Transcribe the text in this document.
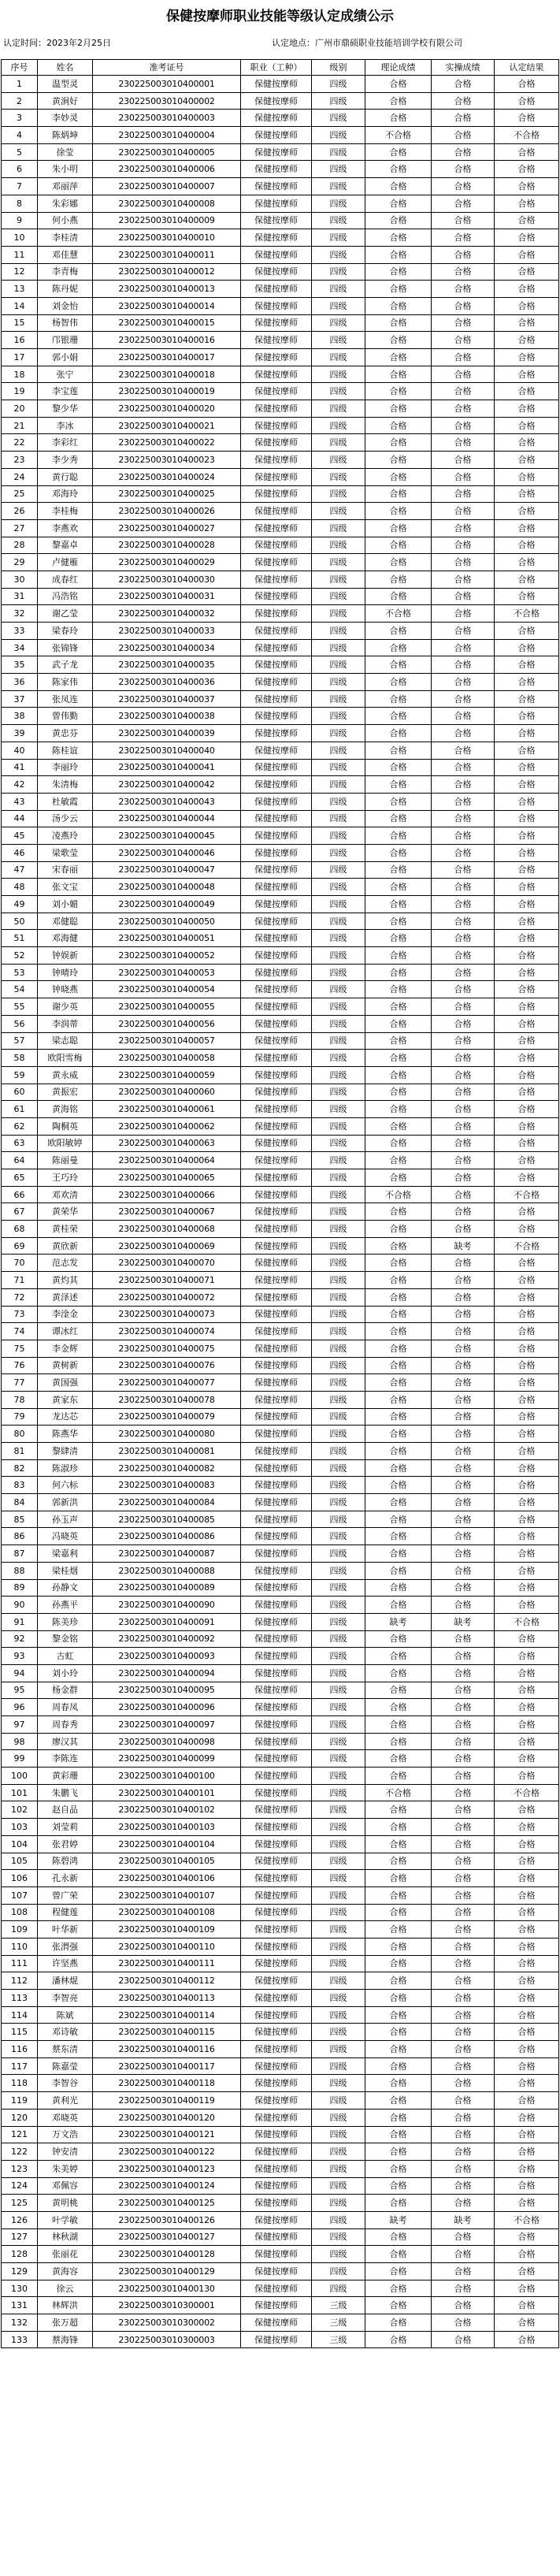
保健按摩师职业技能等级认定成绩公示
认定时间：2023年2月25日	认定地点：广州市鼎硕职业技能培训学校有限公司
序号	姓名	准考证号	职业（工种）	级别	理论成绩	实操成绩	认定结果
1	温型灵	230225003010400001	保健按摩师	四级	合格	合格	合格
2	黄涧好	230225003010400002	保健按摩师	四级	合格	合格	合格
3	李妙灵	230225003010400003	保健按摩师	四级	合格	合格	合格
4	陈炳坤	230225003010400004	保健按摩师	四级	不合格	合格	不合格
5	徐莹	230225003010400005	保健按摩师	四级	合格	合格	合格
6	朱小明	230225003010400006	保健按摩师	四级	合格	合格	合格
7	邓丽萍	230225003010400007	保健按摩师	四级	合格	合格	合格
8	朱彩娜	230225003010400008	保健按摩师	四级	合格	合格	合格
9	何小燕	230225003010400009	保健按摩师	四级	合格	合格	合格
10	李桂清	230225003010400010	保健按摩师	四级	合格	合格	合格
11	邓佳慧	230225003010400011	保健按摩师	四级	合格	合格	合格
12	李青梅	230225003010400012	保健按摩师	四级	合格	合格	合格
13	陈丹妮	230225003010400013	保健按摩师	四级	合格	合格	合格
14	刘金怡	230225003010400014	保健按摩师	四级	合格	合格	合格
15	杨智伟	230225003010400015	保健按摩师	四级	合格	合格	合格
16	邝银珊	230225003010400016	保健按摩师	四级	合格	合格	合格
17	郭小娟	230225003010400017	保健按摩师	四级	合格	合格	合格
18	张宁	230225003010400018	保健按摩师	四级	合格	合格	合格
19	李宝莲	230225003010400019	保健按摩师	四级	合格	合格	合格
20	黎少华	230225003010400020	保健按摩师	四级	合格	合格	合格
21	李冰	230225003010400021	保健按摩师	四级	合格	合格	合格
22	李彩红	230225003010400022	保健按摩师	四级	合格	合格	合格
23	李少秀	230225003010400023	保健按摩师	四级	合格	合格	合格
24	黄行聪	230225003010400024	保健按摩师	四级	合格	合格	合格
25	邓海玲	230225003010400025	保健按摩师	四级	合格	合格	合格
26	李桂梅	230225003010400026	保健按摩师	四级	合格	合格	合格
27	李燕欢	230225003010400027	保健按摩师	四级	合格	合格	合格
28	黎嘉卓	230225003010400028	保健按摩师	四级	合格	合格	合格
29	卢健雁	230225003010400029	保健按摩师	四级	合格	合格	合格
30	成春红	230225003010400030	保健按摩师	四级	合格	合格	合格
31	冯浩铭	230225003010400031	保健按摩师	四级	合格	合格	合格
32	谢乙莹	230225003010400032	保健按摩师	四级	不合格	合格	不合格
33	梁春玲	230225003010400033	保健按摩师	四级	合格	合格	合格
34	张锦锋	230225003010400034	保健按摩师	四级	合格	合格	合格
35	武子龙	230225003010400035	保健按摩师	四级	合格	合格	合格
36	陈家伟	230225003010400036	保健按摩师	四级	合格	合格	合格
37	张凤连	230225003010400037	保健按摩师	四级	合格	合格	合格
38	曾伟勤	230225003010400038	保健按摩师	四级	合格	合格	合格
39	黄忠芬	230225003010400039	保健按摩师	四级	合格	合格	合格
40	陈桂谊	230225003010400040	保健按摩师	四级	合格	合格	合格
41	李丽玲	230225003010400041	保健按摩师	四级	合格	合格	合格
42	朱清梅	230225003010400042	保健按摩师	四级	合格	合格	合格
43	杜敏霞	230225003010400043	保健按摩师	四级	合格	合格	合格
44	汤少云	230225003010400044	保健按摩师	四级	合格	合格	合格
45	凌燕玲	230225003010400045	保健按摩师	四级	合格	合格	合格
46	梁歌莹	230225003010400046	保健按摩师	四级	合格	合格	合格
47	宋春丽	230225003010400047	保健按摩师	四级	合格	合格	合格
48	张文宝	230225003010400048	保健按摩师	四级	合格	合格	合格
49	刘小媚	230225003010400049	保健按摩师	四级	合格	合格	合格
50	邓健聪	230225003010400050	保健按摩师	四级	合格	合格	合格
51	邓海健	230225003010400051	保健按摩师	四级	合格	合格	合格
52	钟娱新	230225003010400052	保健按摩师	四级	合格	合格	合格
53	钟晴玲	230225003010400053	保健按摩师	四级	合格	合格	合格
54	钟晓燕	230225003010400054	保健按摩师	四级	合格	合格	合格
55	谢少英	230225003010400055	保健按摩师	四级	合格	合格	合格
56	李润蒂	230225003010400056	保健按摩师	四级	合格	合格	合格
57	梁志聪	230225003010400057	保健按摩师	四级	合格	合格	合格
58	欧阳雪梅	230225003010400058	保健按摩师	四级	合格	合格	合格
59	黄永威	230225003010400059	保健按摩师	四级	合格	合格	合格
60	黄振宏	230225003010400060	保健按摩师	四级	合格	合格	合格
61	黄海铭	230225003010400061	保健按摩师	四级	合格	合格	合格
62	陶桐英	230225003010400062	保健按摩师	四级	合格	合格	合格
63	欧阳敏婷	230225003010400063	保健按摩师	四级	合格	合格	合格
64	陈丽曼	230225003010400064	保健按摩师	四级	合格	合格	合格
65	王巧玲	230225003010400065	保健按摩师	四级	合格	合格	合格
66	邓欢清	230225003010400066	保健按摩师	四级	不合格	合格	不合格
67	黄荣华	230225003010400067	保健按摩师	四级	合格	合格	合格
68	黄桂荣	230225003010400068	保健按摩师	四级	合格	合格	合格
69	黄欣新	230225003010400069	保健按摩师	四级	合格	缺考	不合格
70	范志发	230225003010400070	保健按摩师	四级	合格	合格	合格
71	黄灼其	230225003010400071	保健按摩师	四级	合格	合格	合格
72	黄泽述	230225003010400072	保健按摩师	四级	合格	合格	合格
73	李淦金	230225003010400073	保健按摩师	四级	合格	合格	合格
74	谭冰红	230225003010400074	保健按摩师	四级	合格	合格	合格
75	李金辉	230225003010400075	保健按摩师	四级	合格	合格	合格
76	黄树新	230225003010400076	保健按摩师	四级	合格	合格	合格
77	黄国强	230225003010400077	保健按摩师	四级	合格	合格	合格
78	黄家东	230225003010400078	保健按摩师	四级	合格	合格	合格
79	龙达芯	230225003010400079	保健按摩师	四级	合格	合格	合格
80	陈燕华	230225003010400080	保健按摩师	四级	合格	合格	合格
81	黎肆清	230225003010400081	保健按摩师	四级	合格	合格	合格
82	陈淑珍	230225003010400082	保健按摩师	四级	合格	合格	合格
83	何六标	230225003010400083	保健按摩师	四级	合格	合格	合格
84	郭新洪	230225003010400084	保健按摩师	四级	合格	合格	合格
85	孙玉声	230225003010400085	保健按摩师	四级	合格	合格	合格
86	冯晓英	230225003010400086	保健按摩师	四级	合格	合格	合格
87	梁嘉利	230225003010400087	保健按摩师	四级	合格	合格	合格
88	梁桂烟	230225003010400088	保健按摩师	四级	合格	合格	合格
89	孙静文	230225003010400089	保健按摩师	四级	合格	合格	合格
90	孙燕平	230225003010400090	保健按摩师	四级	合格	合格	合格
91	陈美珍	230225003010400091	保健按摩师	四级	缺考	缺考	不合格
92	黎金铭	230225003010400092	保健按摩师	四级	合格	合格	合格
93	古虹	230225003010400093	保健按摩师	四级	合格	合格	合格
94	刘小玲	230225003010400094	保健按摩师	四级	合格	合格	合格
95	杨金群	230225003010400095	保健按摩师	四级	合格	合格	合格
96	周春凤	230225003010400096	保健按摩师	四级	合格	合格	合格
97	周春秀	230225003010400097	保健按摩师	四级	合格	合格	合格
98	廖汉其	230225003010400098	保健按摩师	四级	合格	合格	合格
99	李陈连	230225003010400099	保健按摩师	四级	合格	合格	合格
100	黄彩珊	230225003010400100	保健按摩师	四级	合格	合格	合格
101	朱鹏飞	230225003010400101	保健按摩师	四级	不合格	合格	不合格
102	赵自品	230225003010400102	保健按摩师	四级	合格	合格	合格
103	刘莹莉	230225003010400103	保健按摩师	四级	合格	合格	合格
104	张君婷	230225003010400104	保健按摩师	四级	合格	合格	合格
105	陈碧鸿	230225003010400105	保健按摩师	四级	合格	合格	合格
106	孔永新	230225003010400106	保健按摩师	四级	合格	合格	合格
107	曾广荣	230225003010400107	保健按摩师	四级	合格	合格	合格
108	程健莲	230225003010400108	保健按摩师	四级	合格	合格	合格
109	叶华新	230225003010400109	保健按摩师	四级	合格	合格	合格
110	张渭强	230225003010400110	保健按摩师	四级	合格	合格	合格
111	许坚燕	230225003010400111	保健按摩师	四级	合格	合格	合格
112	潘林焜	230225003010400112	保健按摩师	四级	合格	合格	合格
113	李智亮	230225003010400113	保健按摩师	四级	合格	合格	合格
114	陈斌	230225003010400114	保健按摩师	四级	合格	合格	合格
115	邓诗敏	230225003010400115	保健按摩师	四级	合格	合格	合格
116	蔡东清	230225003010400116	保健按摩师	四级	合格	合格	合格
117	陈嘉莹	230225003010400117	保健按摩师	四级	合格	合格	合格
118	李智谷	230225003010400118	保健按摩师	四级	合格	合格	合格
119	黄利光	230225003010400119	保健按摩师	四级	合格	合格	合格
120	邓晓英	230225003010400120	保健按摩师	四级	合格	合格	合格
121	万文浩	230225003010400121	保健按摩师	四级	合格	合格	合格
122	钟安清	230225003010400122	保健按摩师	四级	合格	合格	合格
123	朱美婷	230225003010400123	保健按摩师	四级	合格	合格	合格
124	邓佩容	230225003010400124	保健按摩师	四级	合格	合格	合格
125	黄明桃	230225003010400125	保健按摩师	四级	合格	合格	合格
126	叶学敏	230225003010400126	保健按摩师	四级	缺考	缺考	不合格
127	林秋湖	230225003010400127	保健按摩师	四级	合格	合格	合格
128	张丽花	230225003010400128	保健按摩师	四级	合格	合格	合格
129	黄海容	230225003010400129	保健按摩师	四级	合格	合格	合格
130	徐云	230225003010400130	保健按摩师	四级	合格	合格	合格
131	林辉洪	230225003010300001	保健按摩师	三级	合格	合格	合格
132	张万超	230225003010300002	保健按摩师	三级	合格	合格	合格
133	蔡海锋	230225003010300003	保健按摩师	三级	合格	合格	合格
